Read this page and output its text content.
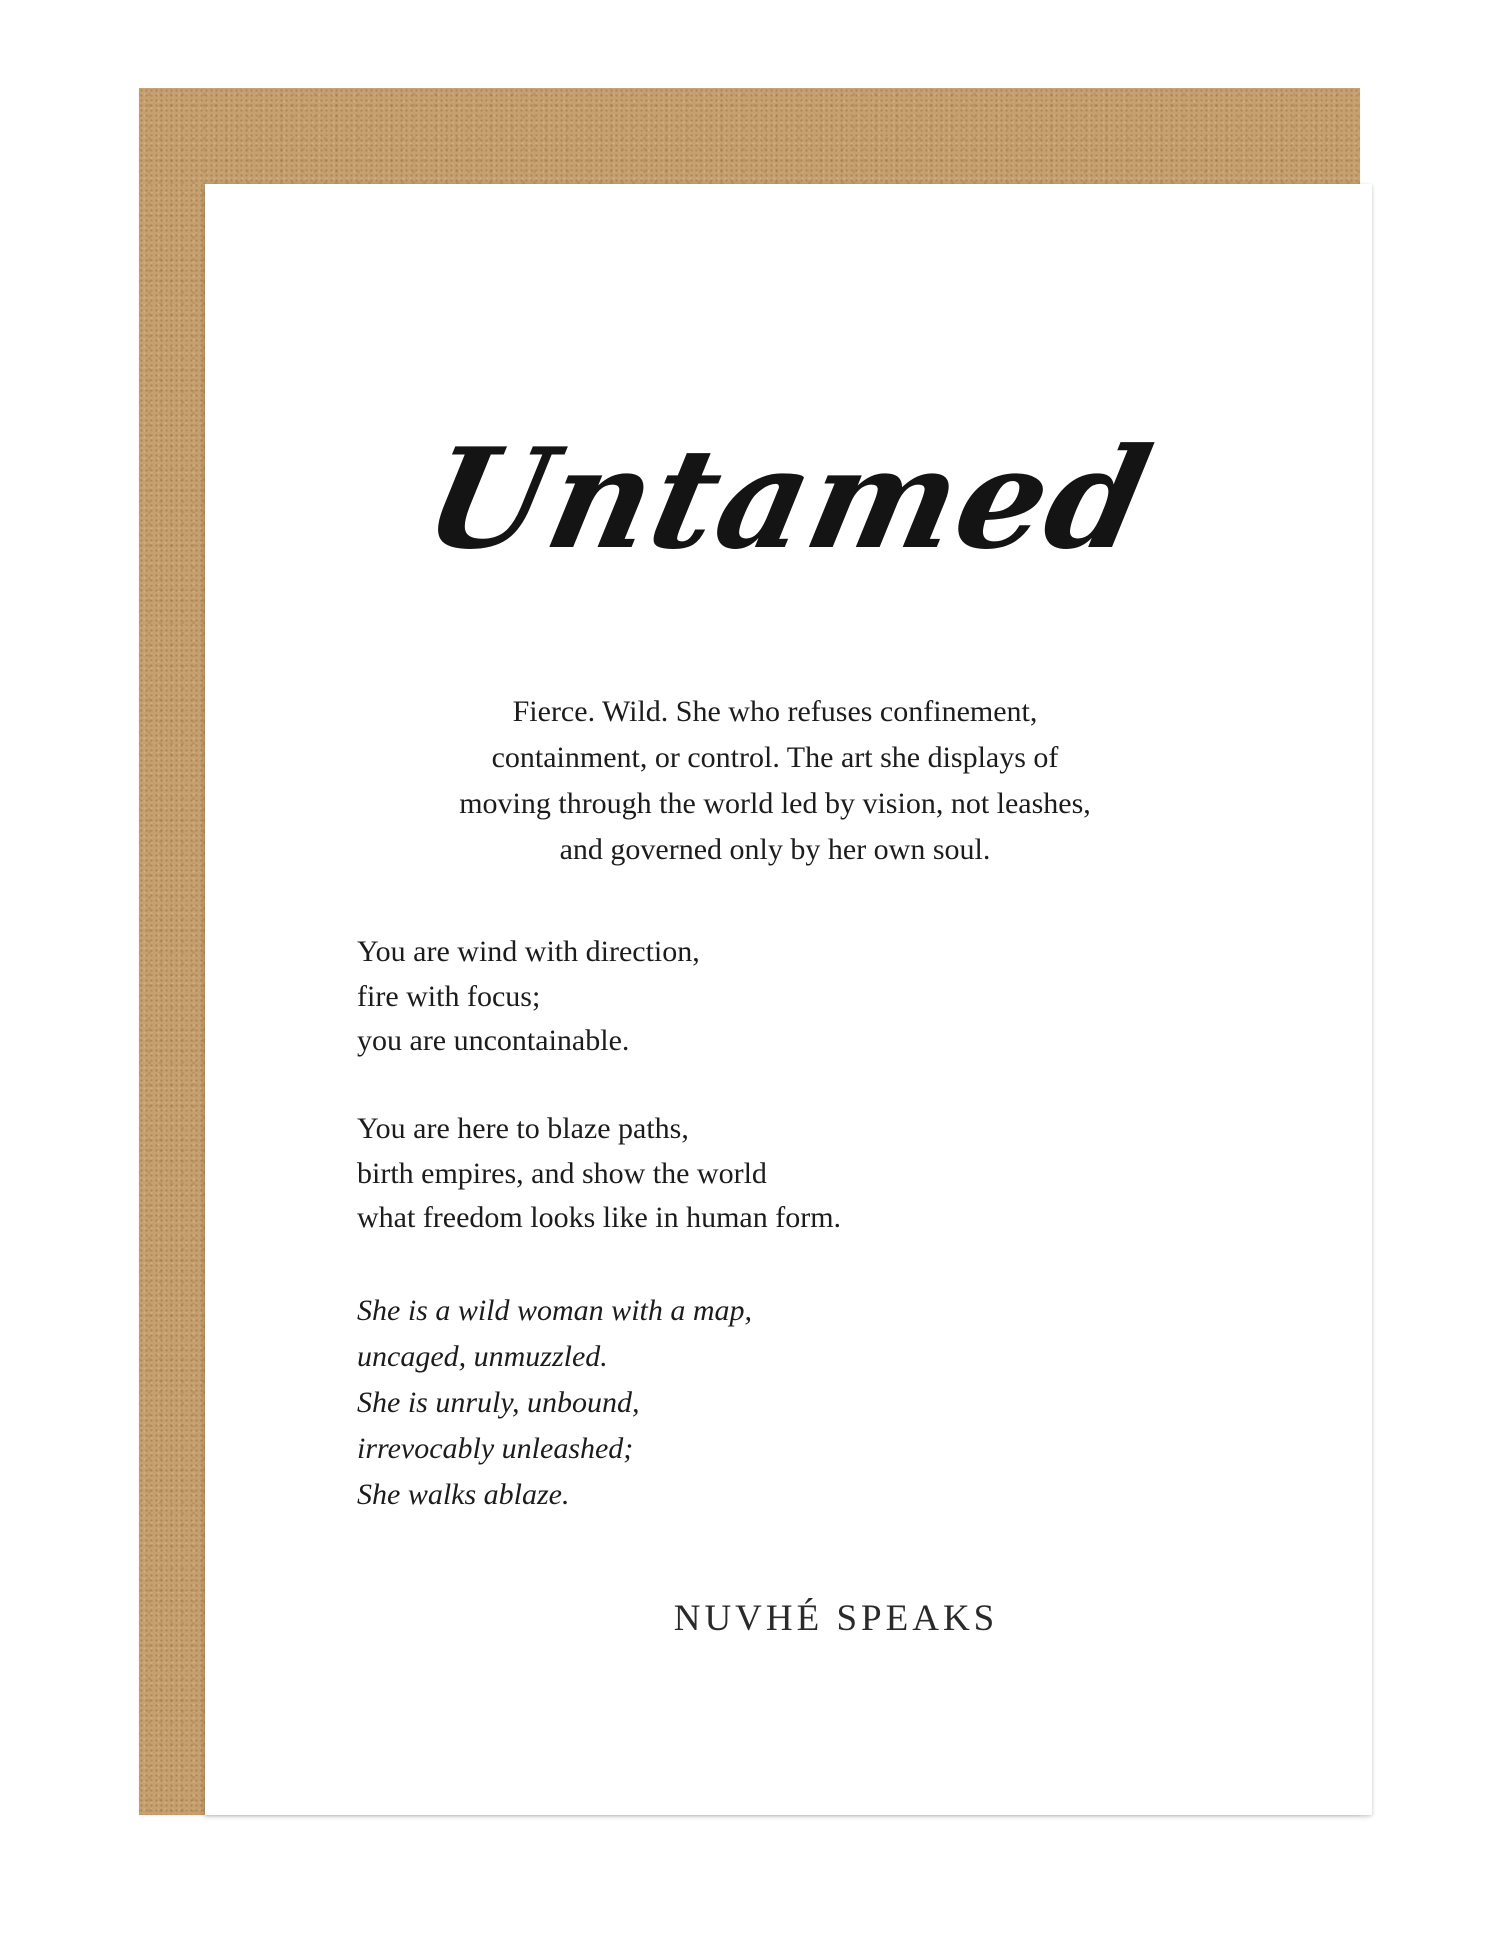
Untamed
Fierce. Wild. She who refuses confinement,
containment, or control. The art she displays of
moving through the world led by vision, not leashes,
and governed only by her own soul.
You are wind with direction,
fire with focus;
you are uncontainable.
You are here to blaze paths,
birth empires, and show the world
what freedom looks like in human form.
She is a wild woman with a map,
uncaged, unmuzzled.
She is unruly, unbound,
irrevocably unleashed;
She walks ablaze.
NUVHÉ SPEAKS
